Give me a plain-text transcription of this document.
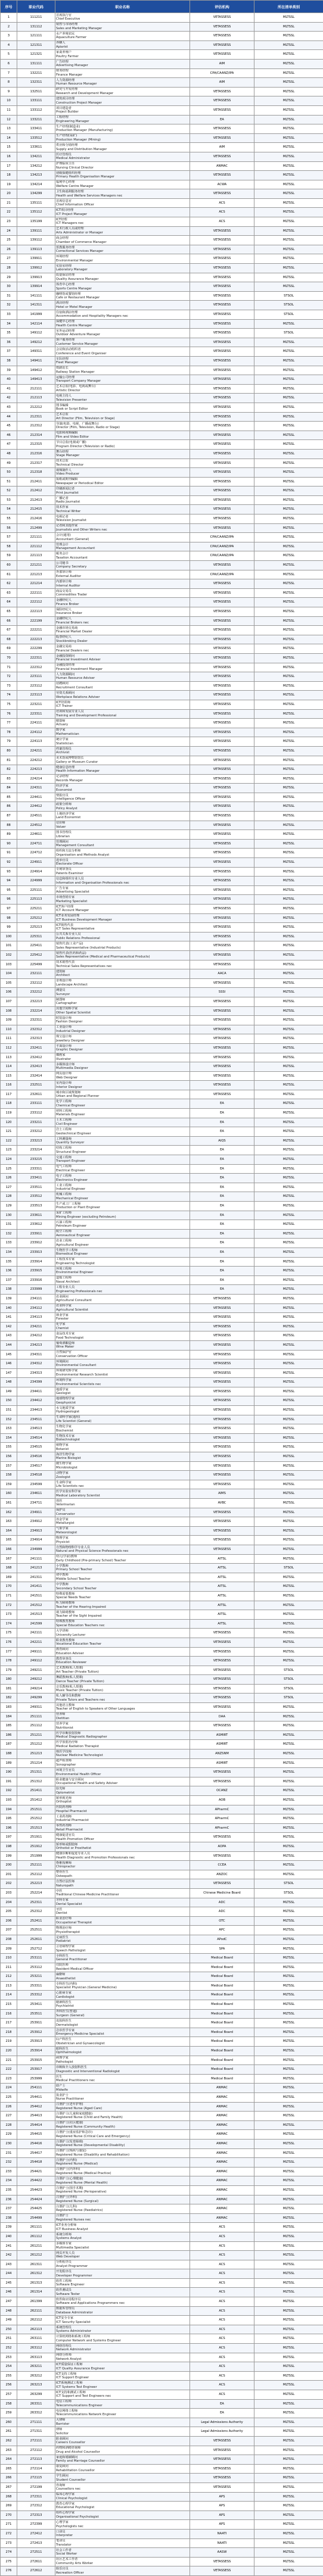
序号	职业代码	职业名称	评估机构	所在清单类别
1	111211	首席执行官
Chief Executive	VETASSESS	MLTSSL
2	131112	销售与市场经理
Sales and Marketing Manager	VETASSESS	MLTSSL
3	121111	水产养殖农民
Aquaculture Farmer	VETASSESS	MLTSSL
4	121311	养蜂人
Apiarist	VETASSESS	MLTSSL
5	121321	家禽养殖户
Poultry Farmer	VETASSESS	MLTSSL
6	131111	广告经理
Advertising Manager	AIM	MLTSSL
7	132211	财务经理
Finance Manager	CPA/CAANZ/IPA	MLTSSL
8	132311	人力资源经理
Human Resource Manager	AIM	MLTSSL
9	132511	研究与开发经理
Research and Development Manager	VETASSESS	MLTSSL
10	133111	建筑项目经理
Construction Project Manager	VETASSESS	MLTSSL
11	133112	项目建造者
Project Builder	VETASSESS	MLTSSL
12	133211	工程经理
Engineering Manager	EA	MLTSSL
13	133411	生产经理(制造业)
Production Manager (Manufacturing)	VETASSESS	MLTSSL
14	133512	生产经理(采矿)
Production Manager (Mining)	VETASSESS	MLTSSL
15	133611	供应和分销经理
Supply and Distribution Manager	AIM	MLTSSL
16	134211	医疗管理员
Medical Administrator	VETASSESS	MLTSSL
17	134212	护理临床主任
Nursing Clinical Director	ANMAC	MLTSSL
18	134213	初级保健组织经理
Primary Health Organisation Manager	VETASSESS	MLTSSL
19	134214	福利中心经理
Welfare Centre Manager	ACWA	MLTSSL
20	134299	卫生和福利服务经理
Health and Welfare Services Managers nec	VETASSESS	MLTSSL
21	135111	首席信息官
Chief Information Officer	ACS	MLTSSL
22	135112	ICT项目经理
ICT Project Manager	ACS	MLTSSL
23	135199	ICT经理
ICT Managers nec	ACS	MLTSSL
24	139111	艺术行政人员或经理
Arts Administrator or Manager	VETASSESS	MLTSSL
25	139112	商会经理
Chamber of Commerce Manager	VETASSESS	MLTSSL
26	139113	惩教服务经理
Correctional Services Manager	VETASSESS	MLTSSL
27	139911	环境经理
Environmental Manager	VETASSESS	MLTSSL
28	139912	实验室经理
Laboratory Manager	VETASSESS	MLTSSL
29	139913	质量保证经理
Quality Assurance Manager	VETASSESS	MLTSSL
30	139914	体育中心经理
Sports Centre Manager	VETASSESS	MLTSSL
31	141111	咖啡馆或餐馆经理
Cafe or Restaurant Manager	VETASSESS	STSOL
32	141311	酒店经理
Hotel or Motel Manager	VETASSESS	STSOL
33	141999	住宿和酒店经理
Accommodation and Hospitality Managers nec	VETASSESS	STSOL
34	142114	保健中心经理
Health Centre Manager	VETASSESS	MLTSSL
35	149112	室外运动经理
Outdoor Adventure Manager	VETASSESS	STSOL
36	149212	客户服务经理
Customer Service Manager	VETASSESS	MLTSSL
37	149311	会议和活动组织者
Conference and Event Organiser	VETASSESS	MLTSSL
38	149411	车队经理
Fleet Manager	VETASSESS	MLTSSL
39	149412	铁路站长
Railway Station Manager	VETASSESS	MLTSSL
40	149413	运输公司经理
Transport Company Manager	VETASSESS	MLTSSL
41	212111	艺术总监(电影、电视或舞台)
Artistic Director	VETASSESS	MLTSSL
42	212113	电视主持人
Television Presenter	VETASSESS	MLTSSL
43	212212	图书编辑
Book or Script Editor	VETASSESS	MLTSSL
44	212311	艺术总监
Art Director (Film, Television or Stage)	VETASSESS	MLTSSL
45	212312	导演(电影、电视、广播或舞台)
Director (Film, Television, Radio or Stage)	VETASSESS	MLTSSL
46	212314	电影和视频编辑
Film and Video Editor	VETASSESS	MLTSSL
47	212315	节目总监(电视或广播)
Program Director (Television or Radio)	VETASSESS	MLTSSL
48	212316	舞台经理
Stage Manager	VETASSESS	MLTSSL
49	212317	技术总监
Technical Director	VETASSESS	MLTSSL
50	212318	视频制作人
Video Producer	VETASSESS	MLTSSL
51	212411	报纸或期刊编辑
Newspaper or Periodical Editor	VETASSESS	MLTSSL
52	212412	印刷新闻记者
Print Journalist	VETASSESS	MLTSSL
53	212413	广播记者
Radio Journalist	VETASSESS	MLTSSL
54	212415	技术作家
Technical Writer	VETASSESS	MLTSSL
55	212416	电视记者
Television Journalist	VETASSESS	MLTSSL
56	212499	记者和其他作家
Journalists and Other Writers nec	VETASSESS	MLTSSL
57	221111	会计(通用)
Accountant (General)	CPA/CAANZ/IPA	MLTSSL
58	221112	管理会计
Management Accountant	CPA/CAANZ/IPA	MLTSSL
59	221113	税务会计
Taxation Accountant	CPA/CAANZ/IPA	MLTSSL
60	221211	公司秘书
Company Secretary	VETASSESS	MLTSSL
61	221213	外部审计师
External Auditor	CPA/CAANZ/IPA	MLTSSL
62	221214	内部审计师
Internal Auditor	VETASSESS	MLTSSL
63	222111	商品交易员
Commodities Trader	VETASSESS	MLTSSL
64	222112	金融经纪人
Finance Broker	VETASSESS	MLTSSL
65	222113	保险经纪人
Insurance Broker	VETASSESS	MLTSSL
66	222199	金融经纪人
Financial Brokers nec	VETASSESS	MLTSSL
67	222211	金融市场交易商
Financial Market Dealer	VETASSESS	MLTSSL
68	222213	股票经纪人
Stockbroking Dealer	VETASSESS	MLTSSL
69	222299	金融交易商
Financial Dealers nec	VETASSESS	MLTSSL
70	222311	金融投资顾问
Financial Investment Adviser	VETASSESS	MLTSSL
71	222312	金融投资经理
Financial Investment Manager	VETASSESS	MLTSSL
72	223111	人力资源顾问
Human Resource Adviser	VETASSESS	MLTSSL
73	223112	招聘顾问
Recruitment Consultant	VETASSESS	MLTSSL
74	223113	劳资关系顾问
Workplace Relations Adviser	VETASSESS	MLTSSL
75	223211	ICT培训师
ICT Trainer	VETASSESS	MLTSSL
76	223311	培训和发展专业人员
Training and Development Professional	VETASSESS	MLTSSL
77	224111	精算师
Actuary	VETASSESS	MLTSSL
78	224112	数学家
Mathematician	VETASSESS	MLTSSL
79	224113	统计学家
Statistician	VETASSESS	MLTSSL
80	224211	档案管理员
Archivist	VETASSESS	MLTSSL
81	224212	美术馆或博物馆馆长
Gallery or Museum Curator	VETASSESS	MLTSSL
82	224213	健康信息经理
Health Information Manager	VETASSESS	MLTSSL
83	224214	记录经理
Records Manager	VETASSESS	MLTSSL
84	224311	经济学家
Economist	VETASSESS	MLTSSL
85	224411	情报官员
Intelligence Officer	VETASSESS	MLTSSL
86	224412	政策分析师
Policy Analyst	VETASSESS	MLTSSL
87	224511	土地经济学家
Land Economist	VETASSESS	MLTSSL
88	224512	估价师
Valuer	VETASSESS	MLTSSL
89	224611	图书管理员
Librarian	VETASSESS	MLTSSL
90	224711	管理顾问
Management Consultant	VETASSESS	MLTSSL
91	224712	组织和方法分析师
Organisation and Methods Analyst	VETASSESS	MLTSSL
92	224911	选举官员
Electorate Officer	VETASSESS	MLTSSL
93	224914	专利审查员
Patents Examiner	VETASSESS	MLTSSL
94	224999	信息和组织专业人员
Information and Organisation Professionals nec	VETASSESS	MLTSSL
95	225111	广告专家
Advertising Specialist	VETASSESS	MLTSSL
96	225113	市场营销专家
Marketing Specialist	VETASSESS	MLTSSL
97	225211	ICT客户经理
ICT Account Manager	VETASSESS	MLTSSL
98	225212	ICT业务发展经理
ICT Business Development Manager	VETASSESS	MLTSSL
99	225213	ICT销售代表
ICT Sales Representative	VETASSESS	MLTSSL
100	225311	公共关系专业人员
Public Relations Professional	VETASSESS	MLTSSL
101	225411	销售代表(工业产品)
Sales Representative (Industrial Products)	VETASSESS	MLTSSL
102	225412	销售代表(医药和药品)
Sales Representative (Medical and Pharmaceutical Products)	VETASSESS	MLTSSL
103	225499	技术销售代表
Technical Sales Representatives nec	VETASSESS	MLTSSL
104	232111	建筑师
Architect	AACA	MLTSSL
105	232112	景观设计师
Landscape Architect	VETASSESS	MLTSSL
106	232212	测量员
Surveyor	SSSI	MLTSSL
107	232213	制图师
Cartographer	VETASSESS	MLTSSL
108	232214	其他空间科学家
Other Spatial Scientist	VETASSESS	MLTSSL
109	232311	时装设计师
Fashion Designer	VETASSESS	MLTSSL
110	232312	工业设计师
Industrial Designer	VETASSESS	MLTSSL
111	232313	珠宝设计师
Jewellery Designer	VETASSESS	MLTSSL
112	232411	平面设计师
Graphic Designer	VETASSESS	MLTSSL
113	232412	插画家
Illustrator	VETASSESS	MLTSSL
114	232413	多媒体设计师
Multimedia Designer	VETASSESS	MLTSSL
115	232414	网页设计师
Web Designer	VETASSESS	MLTSSL
116	232511	室内设计师
Interior Designer	VETASSESS	MLTSSL
117	232611	城市和区域规划师
Urban and Regional Planner	VETASSESS	MLTSSL
118	233111	化学工程师
Chemical Engineer	EA	MLTSSL
119	233112	材料工程师
Materials Engineer	EA	MLTSSL
120	233211	土木工程师
Civil Engineer	EA	MLTSSL
121	233212	岩土工程师
Geotechnical Engineer	EA	MLTSSL
122	233213	工料测量师
Quantity Surveyor	AIQS	MLTSSL
123	233214	结构工程师
Structural Engineer	EA	MLTSSL
124	233215	交通工程师
Transport Engineer	EA	MLTSSL
125	233311	电气工程师
Electrical Engineer	EA	MLTSSL
126	233411	电子工程师
Electronics Engineer	EA	MLTSSL
127	233511	工业工程师
Industrial Engineer	EA	MLTSSL
128	233512	机械工程师
Mechanical Engineer	EA	MLTSSL
129	233513	生产或工厂工程师
Production or Plant Engineer	EA	MLTSSL
130	233611	采矿工程师
Mining Engineer (excluding Petroleum)	EA	MLTSSL
131	233612	石油工程师
Petroleum Engineer	EA	MLTSSL
132	233911	航空工程师
Aeronautical Engineer	EA	MLTSSL
133	233912	农业工程师
Agricultural Engineer	EA	MLTSSL
134	233913	生物医学工程师
Biomedical Engineer	EA	MLTSSL
135	233914	工程技术专家
Engineering Technologist	EA	MLTSSL
136	233915	环境工程师
Environmental Engineer	EA	MLTSSL
137	233916	造船工程师
Naval Architect	EA	MLTSSL
138	233999	工程专业人员
Engineering Professionals nec	EA	MLTSSL
139	234111	农业顾问
Agricultural Consultant	VETASSESS	MLTSSL
140	234112	农业科学家
Agricultural Scientist	VETASSESS	MLTSSL
141	234113	林业学家
Forester	VETASSESS	MLTSSL
142	234211	化学家
Chemist	VETASSESS	MLTSSL
143	234212	食品技术专家
Food Technologist	VETASSESS	MLTSSL
144	234213	葡萄酒酿造师
Wine Maker	VETASSESS	MLTSSL
145	234311	自然保护官
Conservation Officer	VETASSESS	MLTSSL
146	234312	环境顾问
Environmental Consultant	VETASSESS	MLTSSL
147	234313	环境研究科学家
Environmental Research Scientist	VETASSESS	MLTSSL
148	234399	环境科学家
Environmental Scientists nec	VETASSESS	MLTSSL
149	234411	地质学家
Geologist	VETASSESS	MLTSSL
150	234412	地球物理学家
Geophysicist	VETASSESS	MLTSSL
151	234413	水文地质学家
Hydrogeologist	VETASSESS	MLTSSL
152	234511	生命科学家(通用)
Life Scientist (General)	VETASSESS	MLTSSL
153	234513	生物化学家
Biochemist	VETASSESS	MLTSSL
154	234514	生物技术专家
Biotechnologist	VETASSESS	MLTSSL
155	234515	植物学家
Botanist	VETASSESS	MLTSSL
156	234516	海洋生物学家
Marine Biologist	VETASSESS	MLTSSL
157	234517	微生物学家
Microbiologist	VETASSESS	MLTSSL
158	234518	动物学家
Zoologist	VETASSESS	MLTSSL
159	234599	生命科学家
Life Scientists nec	VETASSESS	MLTSSL
160	234611	医学实验室科学家
Medical Laboratory Scientist	AIMS	MLTSSL
161	234711	兽医
Veterinarian	AVBC	MLTSSL
162	234911	保护员
Conservator	VETASSESS	MLTSSL
163	234912	冶金学家
Metallurgist	VETASSESS	MLTSSL
164	234913	气象学家
Meteorologist	VETASSESS	MLTSSL
165	234914	物理学家
Physicist	VETASSESS	MLTSSL
166	234999	自然和物理科学专业人员
Natural and Physical Science Professionals nec	VETASSESS	MLTSSL
167	241111	幼儿(学前)教师
Early Childhood (Pre-primary School) Teacher	AITSL	MLTSSL
168	241213	小学教师
Primary School Teacher	AITSL	STSOL
169	241311	初中教师
Middle School Teacher	AITSL	MLTSSL
170	241411	中学教师
Secondary School Teacher	AITSL	MLTSSL
171	241511	特殊需要教师
Special Needs Teacher	AITSL	MLTSSL
172	241512	听力障碍教师
Teacher of the Hearing Impaired	AITSL	MLTSSL
173	241513	视力障碍教师
Teacher of the Sight Impaired	AITSL	MLTSSL
174	241599	特殊教育教师
Special Education Teachers nec	AITSL	MLTSSL
175	242111	大学讲师
University Lecturer	VETASSESS	MLTSSL
176	242211	职业教育教师
Vocational Education Teacher	VETASSESS	MLTSSL
177	249111	教育顾问
Education Adviser	VETASSESS	MLTSSL
178	249112	教育审查员
Education Reviewer	VETASSESS	MLTSSL
179	249211	艺术教师(私人授课)
Art Teacher (Private Tuition)	VETASSESS	STSOL
180	249212	舞蹈教师(私人授课)
Dance Teacher (Private Tuition)	VETASSESS	STSOL
181	249214	音乐教师(私人授课)
Music Teacher (Private Tuition)	VETASSESS	STSOL
182	249299	私人辅导员和教师
Private Tutors and Teachers nec	VETASSESS	STSOL
183	249311	其他语言教师
Teacher of English to Speakers of Other Languages	VETASSESS	MLTSSL
184	251111	营养师
Dietitian	DAA	MLTSSL
185	251112	营养学家
Nutritionist	VETASSESS	MLTSSL
186	251211	医学诊断放射技师
Medical Diagnostic Radiographer	ASMIRT	MLTSSL
187	251212	医学放射治疗师
Medical Radiation Therapist	ASMIRT	MLTSSL
188	251213	核医学技师
Nuclear Medicine Technologist	ANZSNM	MLTSSL
189	251214	超声检查师
Sonographer	ASMIRT	MLTSSL
190	251311	环境卫生官员
Environmental Health Officer	VETASSESS	MLTSSL
191	251312	职业健康与安全顾问
Occupational Health and Safety Adviser	VETASSESS	MLTSSL
192	251411	验光师
Optometrist	OCANZ	MLTSSL
193	251412	矫形视光师
Orthoptist	AOB	MLTSSL
194	251511	医院药剂师
Hospital Pharmacist	APharmC	MLTSSL
195	251512	工业药剂师
Industrial Pharmacist	APharmC	MLTSSL
196	251513	零售药剂师
Retail Pharmacist	APharmC	MLTSSL
197	251911	健康促进官员
Health Promotion Officer	VETASSESS	MLTSSL
198	251912	矫形师或假肢师
Orthotist or Prosthetist	AOPA	MLTSSL
199	251999	健康诊断和促进专业人员
Health Diagnostic and Promotion Professionals nec	VETASSESS	MLTSSL
200	252111	脊椎按摩师
Chiropractor	CCEA	MLTSSL
201	252112	整骨医生
Osteopath	ANZOC	MLTSSL
202	252213	自然疗法医师
Naturopath	VETASSESS	STSOL
203	252214	中医
Traditional Chinese Medicine Practitioner	Chinese Medicine Board	STSOL
204	252311	牙科专家
Dental Specialist	ADC	MLTSSL
205	252312	牙医
Dentist	ADC	MLTSSL
206	252411	职业治疗师
Occupational Therapist	OTC	MLTSSL
207	252511	物理治疗师
Physiotherapist	APC	MLTSSL
208	252611	足病医生
Podiatrist	APodC	MLTSSL
209	252712	言语病理学家
Speech Pathologist	SPA	MLTSSL
210	253111	全科医生
General Practitioner	Medical Board	MLTSSL
211	253112	住院医师
Resident Medical Officer	Medical Board	MLTSSL
212	253211	麻醉师
Anaesthetist	Medical Board	MLTSSL
213	253311	专科医生(内科)
Specialist Physician (General Medicine)	Medical Board	MLTSSL
214	253312	心脏病专家
Cardiologist	Medical Board	MLTSSL
215	253411	精神科医生
Psychiatrist	Medical Board	MLTSSL
216	253511	外科医生(普通)
Surgeon (General)	Medical Board	MLTSSL
217	253911	皮肤科医生
Dermatologist	Medical Board	MLTSSL
218	253912	急诊医学专家
Emergency Medicine Specialist	Medical Board	MLTSSL
219	253913	妇产科医生
Obstetrician and Gynaecologist	Medical Board	MLTSSL
220	253914	眼科医生
Ophthalmologist	Medical Board	MLTSSL
221	253915	病理学家
Pathologist	Medical Board	MLTSSL
222	253917	诊断和介入放射科医生
Diagnostic and Interventional Radiologist	Medical Board	MLTSSL
223	253999	医生
Medical Practitioners nec	Medical Board	MLTSSL
224	254111	助产士
Midwife	ANMAC	MLTSSL
225	254411	执业护士
Nurse Practitioner	ANMAC	MLTSSL
226	254412	注册护士(老年护理)
Registered Nurse (Aged Care)	ANMAC	MLTSSL
227	254413	注册护士(儿童和家庭健康)
Registered Nurse (Child and Family Health)	ANMAC	MLTSSL
228	254414	注册护士(社区健康)
Registered Nurse (Community Health)	ANMAC	MLTSSL
229	254415	注册护士(重症监护和急诊)
Registered Nurse (Critical Care and Emergency)	ANMAC	MLTSSL
230	254416	注册护士(发育障碍)
Registered Nurse (Developmental Disability)	ANMAC	MLTSSL
231	254417	注册护士(残疾与康复)
Registered Nurse (Disability and Rehabilitation)	ANMAC	MLTSSL
232	254418	注册护士(内科)
Registered Nurse (Medical)	ANMAC	MLTSSL
233	254421	注册护士(内外科)
Registered Nurse (Medical Practice)	ANMAC	MLTSSL
234	254422	注册护士(心理健康)
Registered Nurse (Mental Health)	ANMAC	MLTSSL
235	254423	注册护士(围手术期)
Registered Nurse (Perioperative)	ANMAC	MLTSSL
236	254424	注册护士(外科)
Registered Nurse (Surgical)	ANMAC	MLTSSL
237	254425	注册护士(儿科)
Registered Nurse (Paediatrics)	ANMAC	MLTSSL
238	254499	注册护士
Registered Nurses nec	ANMAC	MLTSSL
239	261111	ICT业务分析师
ICT Business Analyst	ACS	MLTSSL
240	261112	系统分析师
Systems Analyst	ACS	MLTSSL
241	261211	多媒体专家
Multimedia Specialist	ACS	MLTSSL
242	261212	网页开发人员
Web Developer	ACS	MLTSSL
243	261311	分析程序员
Analyst Programmer	ACS	MLTSSL
244	261312	开发程序员
Developer Programmer	ACS	MLTSSL
245	261313	软件工程师
Software Engineer	ACS	MLTSSL
246	261314	软件测试员
Software Tester	ACS	MLTSSL
247	261399	软件和应用程序员
Software and Applications Programmers nec	ACS	MLTSSL
248	262111	数据库管理员
Database Administrator	ACS	MLTSSL
249	262112	ICT安全专家
ICT Security Specialist	ACS	MLTSSL
250	262113	系统管理员
Systems Administrator	ACS	MLTSSL
251	263111	计算机网络和系统工程师
Computer Network and Systems Engineer	ACS	MLTSSL
252	263112	网络管理员
Network Administrator	ACS	MLTSSL
253	263113	网络分析师
Network Analyst	ACS	MLTSSL
254	263211	ICT质量保证工程师
ICT Quality Assurance Engineer	ACS	MLTSSL
255	263212	ICT支持工程师
ICT Support Engineer	ACS	MLTSSL
256	263213	ICT系统测试工程师
ICT Systems Test Engineer	ACS	MLTSSL
257	263299	ICT支持和测试工程师
ICT Support and Test Engineers nec	ACS	MLTSSL
258	263311	电信工程师
Telecommunications Engineer	EA	MLTSSL
259	263312	电信网络工程师
Telecommunications Network Engineer	EA	MLTSSL
260	271111	大律师
Barrister	Legal Admissions Authority	MLTSSL
261	271311	律师
Solicitor	Legal Admissions Authority	MLTSSL
262	272111	职业顾问
Careers Counsellor	VETASSESS	MLTSSL
263	272112	药物和酒精咨询师
Drug and Alcohol Counsellor	VETASSESS	MLTSSL
264	272113	家庭和婚姻顾问
Family and Marriage Counsellor	VETASSESS	MLTSSL
265	272114	康复顾问
Rehabilitation Counsellor	VETASSESS	MLTSSL
266	272115	学生顾问
Student Counsellor	VETASSESS	MLTSSL
267	272199	咨询师
Counsellors nec	VETASSESS	MLTSSL
268	272311	临床心理学家
Clinical Psychologist	APS	MLTSSL
269	272312	教育心理学家
Educational Psychologist	APS	MLTSSL
270	272313	组织心理学家
Organisational Psychologist	APS	MLTSSL
271	272399	心理学家
Psychologists nec	APS	MLTSSL
272	272412	口译员
Interpreter	NAATI	MLTSSL
273	272413	笔译员
Translator	NAATI	MLTSSL
274	272511	社会工作者
Social Worker	AASW	MLTSSL
275	272611	社区艺术工作者
Community Arts Worker	VETASSESS	MLTSSL
276	272612	娱乐官员
Recreation Officer	VETASSESS	MLTSSL
